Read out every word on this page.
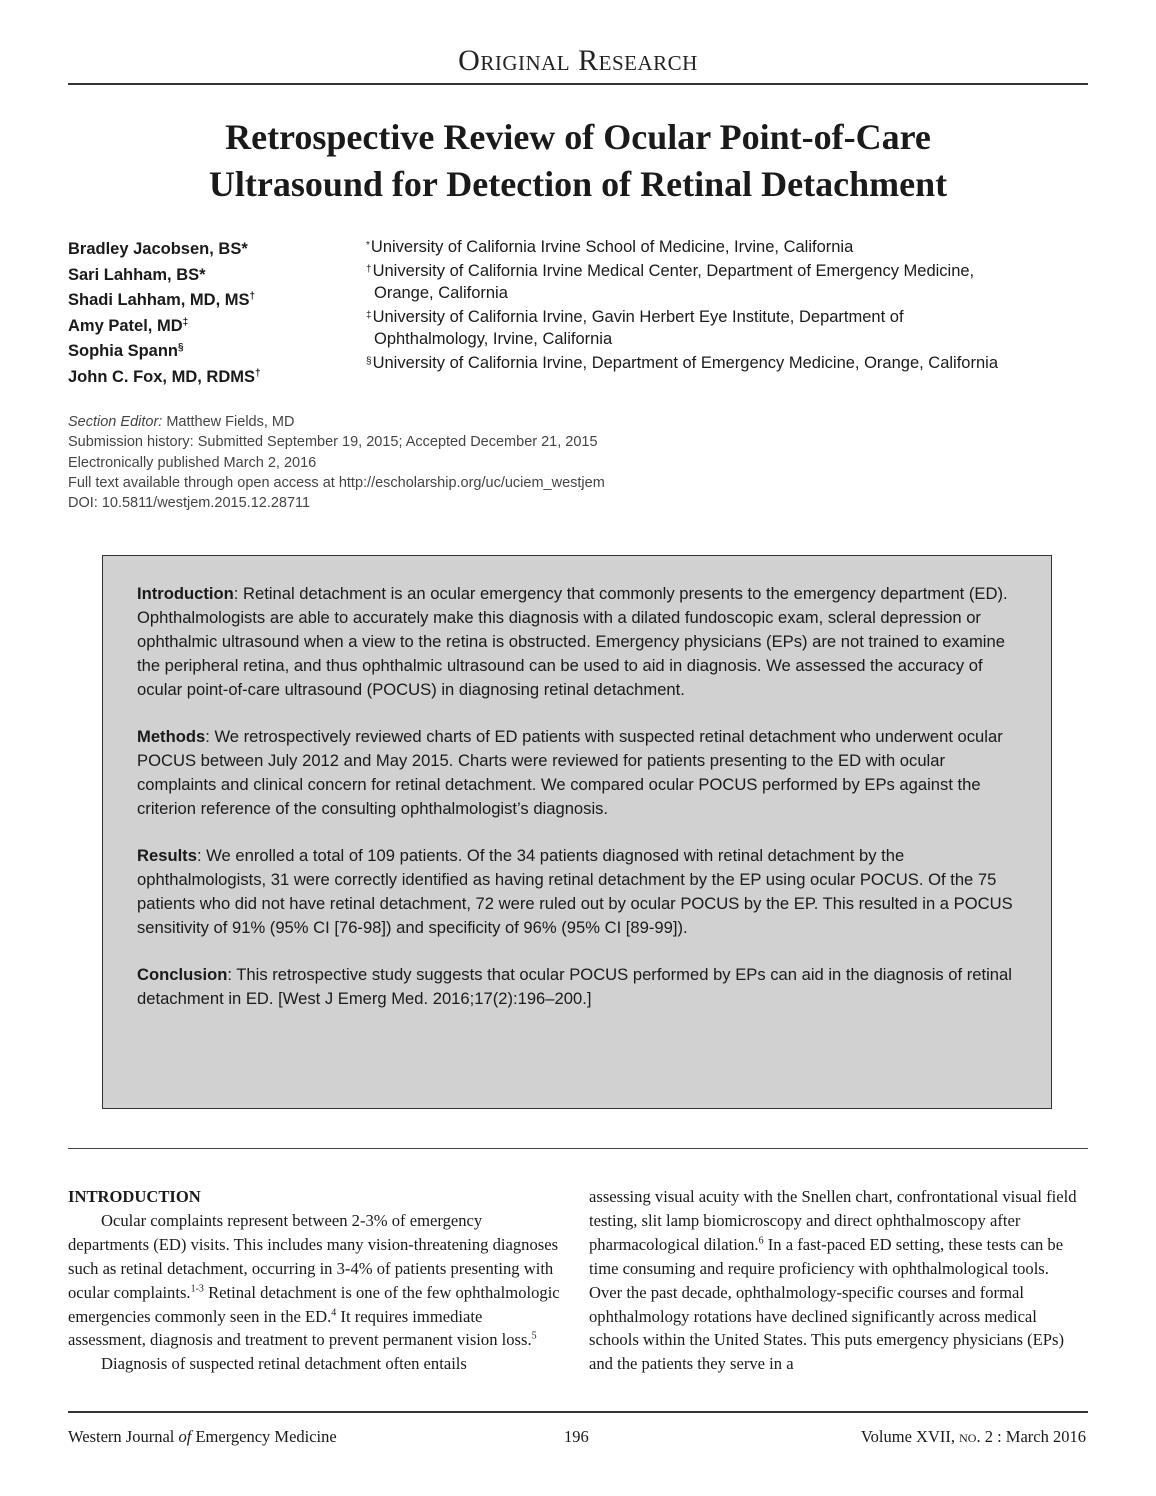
Original Research
Retrospective Review of Ocular Point-of-Care
Ultrasound for Detection of Retinal Detachment
Bradley Jacobsen, BS*
Sari Lahham, BS*
Shadi Lahham, MD, MS†
Amy Patel, MD‡
Sophia Spann§
John C. Fox, MD, RDMS†
*University of California Irvine School of Medicine, Irvine, California
†University of California Irvine Medical Center, Department of Emergency Medicine,
Orange, California
‡University of California Irvine, Gavin Herbert Eye Institute, Department of
Ophthalmology, Irvine, California
§University of California Irvine, Department of Emergency Medicine, Orange, California
Section Editor: Matthew Fields, MD
Submission history: Submitted September 19, 2015; Accepted December 21, 2015
Electronically published March 2, 2016
Full text available through open access at http://escholarship.org/uc/uciem_westjem
DOI: 10.5811/westjem.2015.12.28711

Introduction: Retinal detachment is an ocular emergency that commonly presents to the emergency department (ED). Ophthalmologists are able to accurately make this diagnosis with a dilated fundoscopic exam, scleral depression or ophthalmic ultrasound when a view to the retina is obstructed. Emergency physicians (EPs) are not trained to examine the peripheral retina, and thus ophthalmic ultrasound can be used to aid in diagnosis. We assessed the accuracy of ocular point-of-care ultrasound (POCUS) in diagnosing retinal detachment.

Methods: We retrospectively reviewed charts of ED patients with suspected retinal detachment who underwent ocular POCUS between July 2012 and May 2015. Charts were reviewed for patients presenting to the ED with ocular complaints and clinical concern for retinal detachment. We compared ocular POCUS performed by EPs against the criterion reference of the consulting ophthalmologist’s diagnosis.

Results: We enrolled a total of 109 patients. Of the 34 patients diagnosed with retinal detachment by the ophthalmologists, 31 were correctly identified as having retinal detachment by the EP using ocular POCUS. Of the 75 patients who did not have retinal detachment, 72 were ruled out by ocular POCUS by the EP. This resulted in a POCUS sensitivity of 91% (95% CI [76-98]) and specificity of 96% (95% CI [89-99]).

Conclusion: This retrospective study suggests that ocular POCUS performed by EPs can aid in the diagnosis of retinal detachment in ED. [West J Emerg Med. 2016;17(2):196–200.]

INTRODUCTION

Ocular complaints represent between 2-3% of emergency departments (ED) visits. This includes many vision-threatening diagnoses such as retinal detachment, occurring in 3-4% of patients presenting with ocular complaints.$^{1-3}$ Retinal detachment is one of the few ophthalmologic emergencies commonly seen in the ED.$^4$ It requires immediate assessment, diagnosis and treatment to prevent permanent vision loss.$^5$

Diagnosis of suspected retinal detachment often entails

assessing visual acuity with the Snellen chart, confrontational visual field testing, slit lamp biomicroscopy and direct ophthalmoscopy after pharmacological dilation.$^6$ In a fast-paced ED setting, these tests can be time consuming and require proficiency with ophthalmological tools. Over the past decade, ophthalmology-specific courses and formal ophthalmology rotations have declined significantly across medical schools within the United States. This puts emergency physicians (EPs) and the patients they serve in a

Western Journal of Emergency Medicine	196	Volume XVII, no. 2 : March 2016
